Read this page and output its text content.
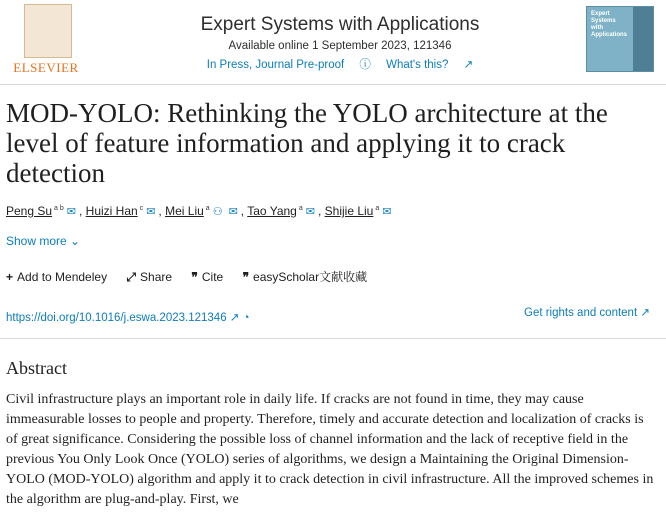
ELSEVIER
Expert Systems with Applications
Available online 1 September 2023, 121346
In Press, Journal Pre-proof ⓘ What's this? ↗
Expert Systems with Applications
MOD-YOLO: Rethinking the YOLO architecture at the level of feature information and applying it to crack detection
Peng Su $^{a b}$ ✉ , Huizi Han $^c$ ✉ , Mei Liu $^a$ ⚇ ✉ , Tao Yang $^a$ ✉ , Shijie Liu $^a$ ✉
Show more ⌄
+ Add to Mendeley ⤢ Share ❞ Cite ❞ easyScholar文献收藏
https://doi.org/10.1016/j.eswa.2023.121346 ↗ ◔	Get rights and content ↗
Abstract
Civil infrastructure plays an important role in daily life. If cracks are not found in time, they may cause immeasurable losses to people and property. Therefore, timely and accurate detection and localization of cracks is of great significance. Considering the possible loss of channel information and the lack of receptive field in the previous You Only Look Once (YOLO) series of algorithms, we design a Maintaining the Original Dimension-YOLO (MOD-YOLO) algorithm and apply it to crack detection in civil infrastructure. All the improved schemes in the algorithm are plug-and-play. First, we
